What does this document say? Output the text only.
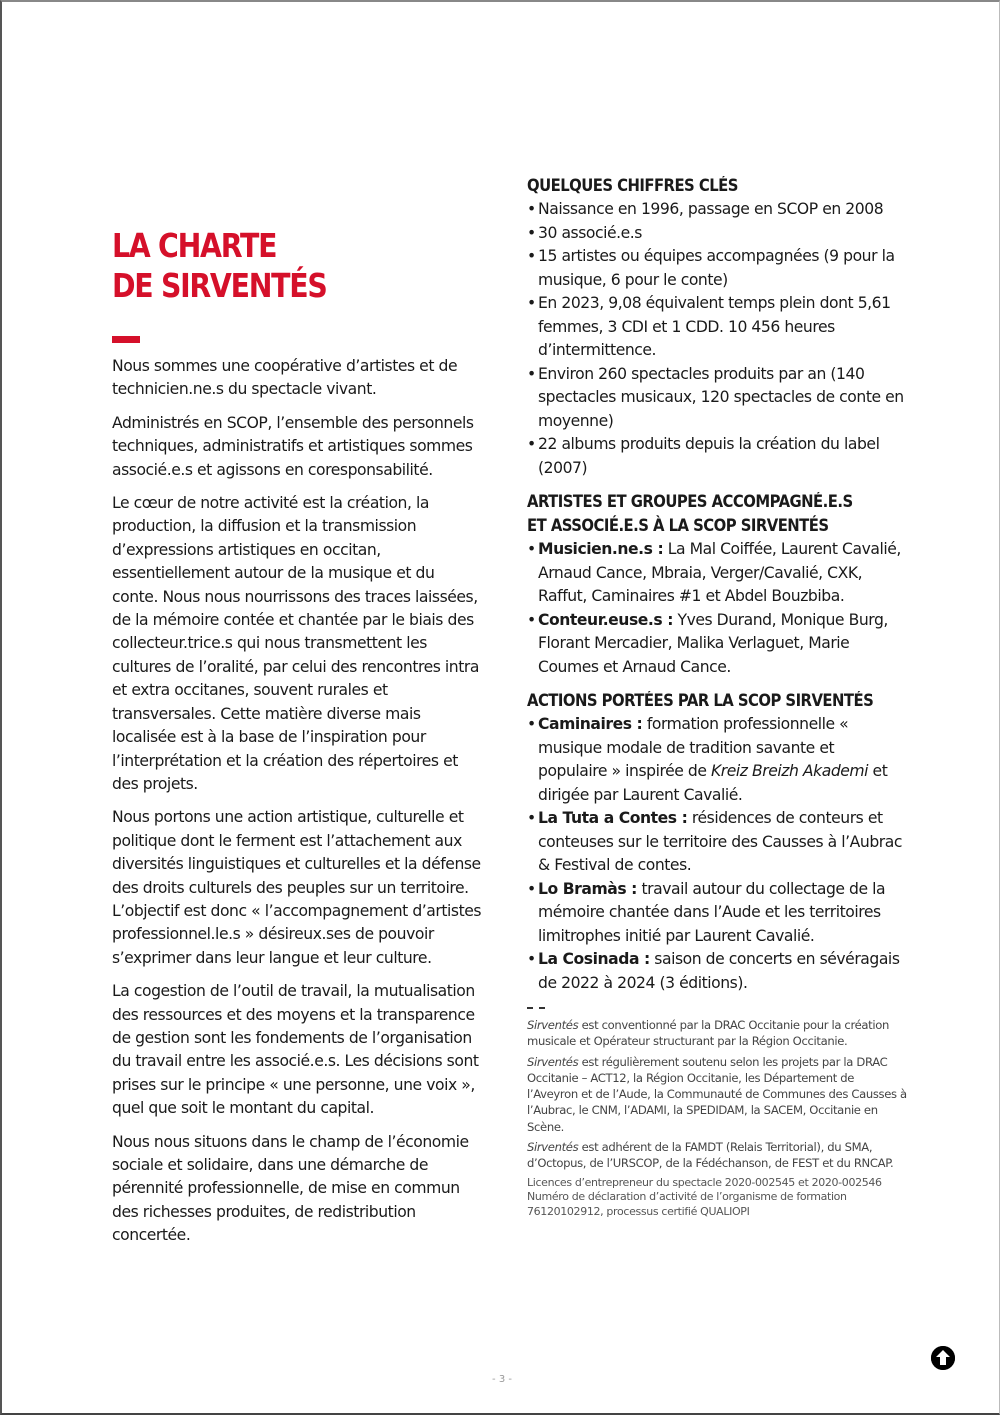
LA CHARTE
DE SIRVENTÉS

Nous sommes une coopérative d’artistes et de technicien.ne.s du spectacle vivant.

Administrés en SCOP, l’ensemble des personnels techniques, administratifs et artistiques sommes associé.e.s et agissons en coresponsabilité.

Le cœur de notre activité est la création, la production, la diffusion et la transmission d’expressions artistiques en occitan, essentiellement autour de la musique et du conte. Nous nous nourrissons des traces laissées, de la mémoire contée et chantée par le biais des collecteur.trice.s qui nous transmettent les cultures de l’oralité, par celui des rencontres intra et extra occitanes, souvent rurales et transversales. Cette matière diverse mais localisée est à la base de l’inspiration pour l’interprétation et la création des répertoires et des projets.

Nous portons une action artistique, culturelle et politique dont le ferment est l’attachement aux diversités linguistiques et culturelles et la défense des droits culturels des peuples sur un territoire. L’objectif est donc « l’accompagnement d’artistes professionnel.le.s » désireux.ses de pouvoir s’exprimer dans leur langue et leur culture.

La cogestion de l’outil de travail, la mutualisation des ressources et des moyens et la transparence de gestion sont les fondements de l’organisation du travail entre les associé.e.s. Les décisions sont prises sur le principe « une personne, une voix », quel que soit le montant du capital.

Nous nous situons dans le champ de l’économie sociale et solidaire, dans une démarche de pérennité professionnelle, de mise en commun des richesses produites, de redistribution concertée.

QUELQUES CHIFFRES CLÉS
• Naissance en 1996, passage en SCOP en 2008
• 30 associé.e.s
• 15 artistes ou équipes accompagnées (9 pour la musique, 6 pour le conte)
• En 2023, 9,08 équivalent temps plein dont 5,61 femmes, 3 CDI et 1 CDD. 10 456 heures d’intermittence.
• Environ 260 spectacles produits par an (140 spectacles musicaux, 120 spectacles de conte en moyenne)
• 22 albums produits depuis la création du label (2007)
ARTISTES ET GROUPES ACCOMPAGNÉ.E.S
ET ASSOCIÉ.E.S À LA SCOP SIRVENTÉS
• Musicien.ne.s : La Mal Coiffée, Laurent Cavalié, Arnaud Cance, Mbraia, Verger/Cavalié, CXK, Raffut, Caminaires #1 et Abdel Bouzbiba.
• Conteur.euse.s : Yves Durand, Monique Burg, Florant Mercadier, Malika Verlaguet, Marie Coumes et Arnaud Cance.
ACTIONS PORTÉES PAR LA SCOP SIRVENTÉS
• Caminaires : formation professionnelle « musique modale de tradition savante et populaire » inspirée de Kreiz Breizh Akademi et dirigée par Laurent Cavalié.
• La Tuta a Contes : résidences de conteurs et conteuses sur le territoire des Causses à l’Aubrac & Festival de contes.
• Lo Bramàs : travail autour du collectage de la mémoire chantée dans l’Aude et les territoires limitrophes initié par Laurent Cavalié.
• La Cosinada : saison de concerts en sévéragais de 2022 à 2024 (3 éditions).

Sirventés est conventionné par la DRAC Occitanie pour la création musicale et Opérateur structurant par la Région Occitanie.

Sirventés est régulièrement soutenu selon les projets par la DRAC Occitanie – ACT12, la Région Occitanie, les Département de l’Aveyron et de l’Aude, la Communauté de Communes des Causses à l’Aubrac, le CNM, l’ADAMI, la SPEDIDAM, la SACEM, Occitanie en Scène.

Sirventés est adhérent de la FAMDT (Relais Territorial), du SMA, d’Octopus, de l’URSCOP, de la Fédéchanson, de FEST et du RNCAP.

Licences d’entrepreneur du spectacle 2020-002545 et 2020-002546
Numéro de déclaration d’activité de l’organisme de formation 76120102912, processus certifié QUALIOPI

- 3 -
